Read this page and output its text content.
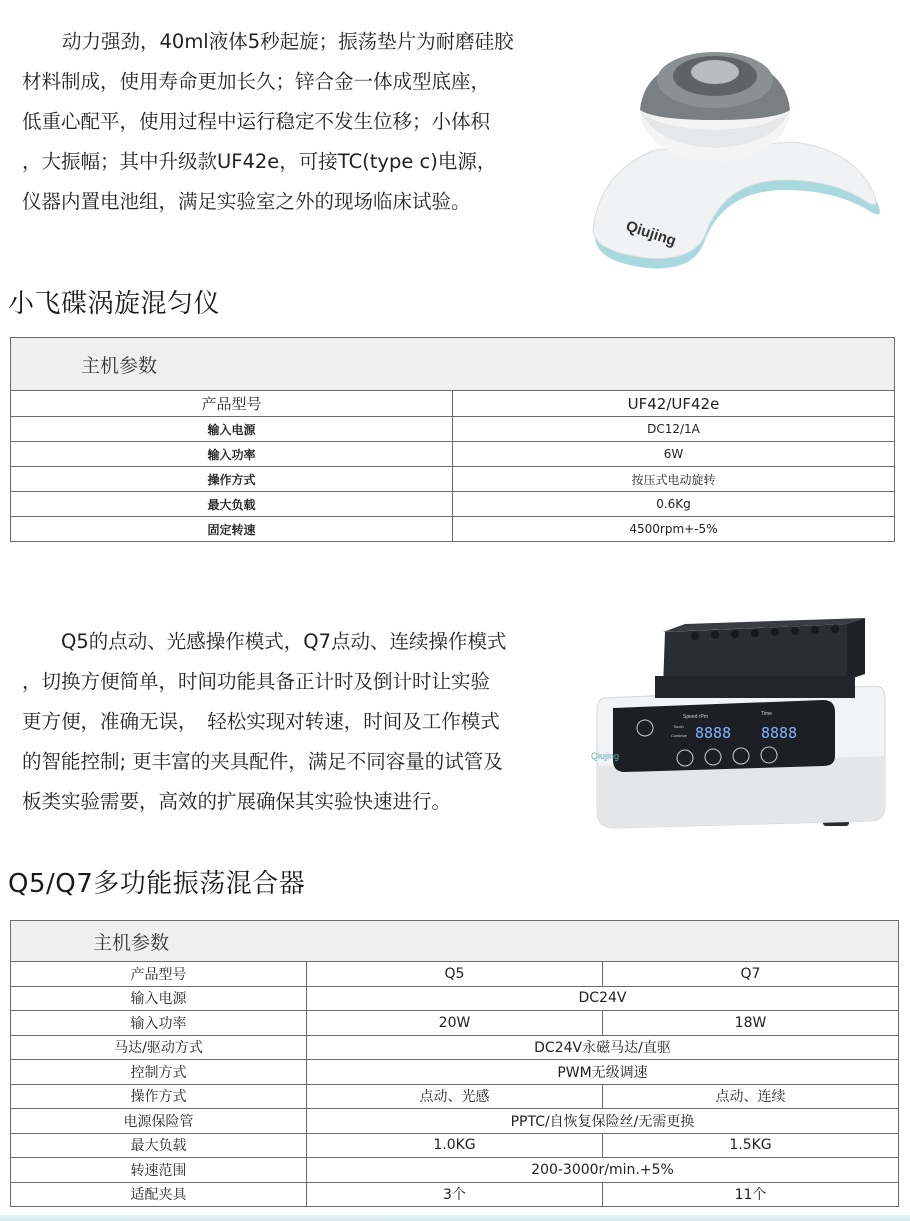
动力强劲，40ml液体5秒起旋；振荡垫片为耐磨硅胶

材料制成，使用寿命更加长久；锌合金一体成型底座，

低重心配平，使用过程中运行稳定不发生位移；小体积

，大振幅；其中升级款UF42e，可接TC(type c)电源，

仪器内置电池组，满足实验室之外的现场临床试验。

Qiujing
小飞碟涡旋混匀仪
主机参数	
产品型号	UF42/UF42e
输入电源	DC12/1A
输入功率	6W
操作方式	按压式电动旋转
最大负载	0.6Kg
固定转速	4500rpm+-5%

　　Q5的点动、光感操作模式，Q7点动、连续操作模式

，切换方便简单，时间功能具备正计时及倒计时让实验

更方便，准确无误，　轻松实现对转速，时间及工作模式

的智能控制; 更丰富的夹具配件，满足不同容量的试管及

板类实验需要，高效的扩展确保其实验快速进行。

Speed rPm	Time
Touch
Continue 8888 8888
Qiujing
Q5/Q7多功能振荡混合器
主机参数		
产品型号	Q5	Q7
输入电源	DC24V	
输入功率	20W	18W
马达/驱动方式	DC24V永磁马达/直驱	
控制方式	PWM无级调速	
操作方式	点动、光感	点动、连续
电源保险管	PPTC/自恢复保险丝/无需更换	
最大负载	1.0KG	1.5KG
转速范围	200-3000r/min.+5%	
适配夹具	3个	11个
